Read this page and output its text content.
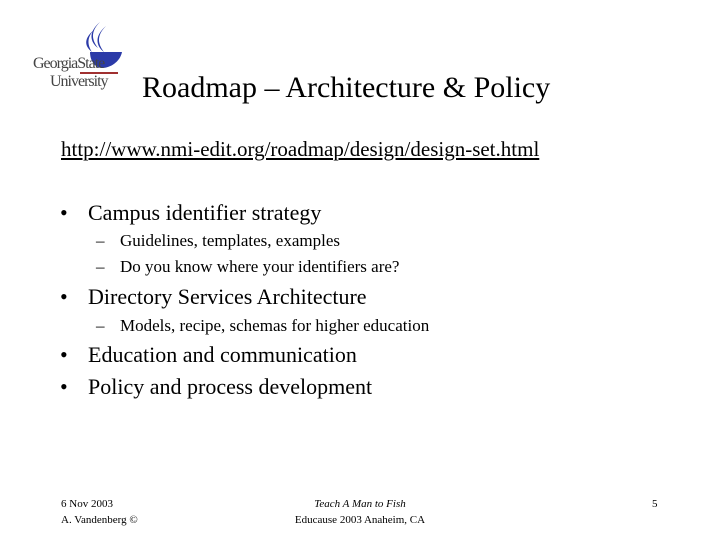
GeorgiaState
University Roadmap – Architecture & Policy
http://www.nmi-edit.org/roadmap/design/design-set.html
• Campus identifier strategy
– Guidelines, templates, examples
– Do you know where your identifiers are?
• Directory Services Architecture
– Models, recipe, schemas for higher education
• Education and communication
• Policy and process development
6 Nov 2003
A. Vandenberg ©
Teach A Man to Fish
Educause 2003 Anaheim, CA
5
